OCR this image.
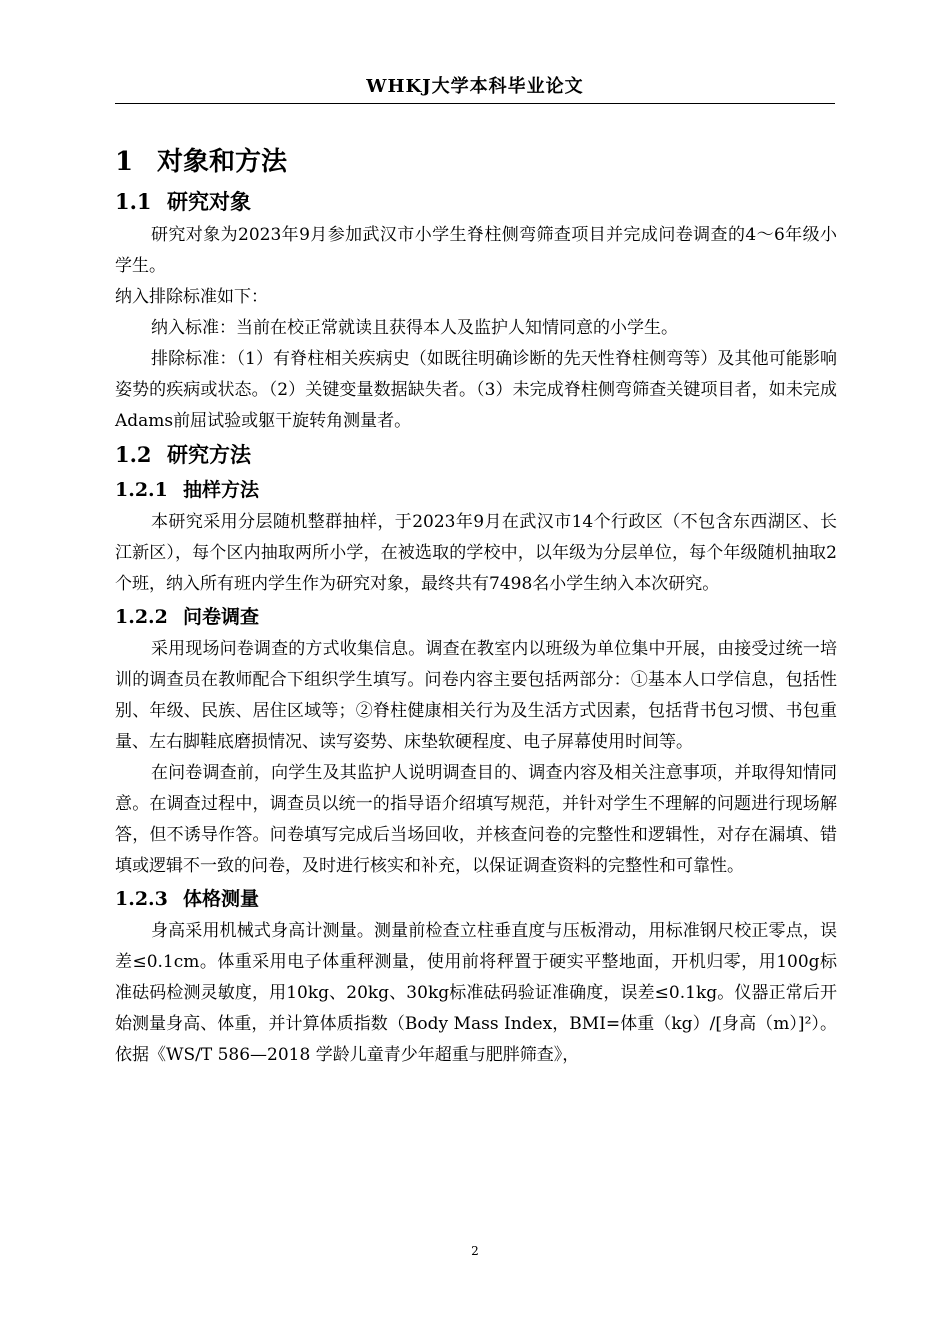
WHKJ大学本科毕业论文
1 对象和方法
1.1 研究对象

研究对象为2023年9月参加武汉市小学生脊柱侧弯筛查项目并完成问卷调查的4～6年级小学生。

纳入排除标准如下：

纳入标准：当前在校正常就读且获得本人及监护人知情同意的小学生。

排除标准：（1）有脊柱相关疾病史（如既往明确诊断的先天性脊柱侧弯等）及其他可能影响姿势的疾病或状态。（2）关键变量数据缺失者。（3）未完成脊柱侧弯筛查关键项目者，如未完成Adams前屈试验或躯干旋转角测量者。

1.2 研究方法
1.2.1 抽样方法

本研究采用分层随机整群抽样，于2023年9月在武汉市14个行政区（不包含东西湖区、长江新区），每个区内抽取两所小学，在被选取的学校中，以年级为分层单位，每个年级随机抽取2个班，纳入所有班内学生作为研究对象，最终共有7498名小学生纳入本次研究。

1.2.2 问卷调查

采用现场问卷调查的方式收集信息。调查在教室内以班级为单位集中开展，由接受过统一培训的调查员在教师配合下组织学生填写。问卷内容主要包括两部分：①基本人口学信息，包括性别、年级、民族、居住区域等；②脊柱健康相关行为及生活方式因素，包括背书包习惯、书包重量、左右脚鞋底磨损情况、读写姿势、床垫软硬程度、电子屏幕使用时间等。

在问卷调查前，向学生及其监护人说明调查目的、调查内容及相关注意事项，并取得知情同意。在调查过程中，调查员以统一的指导语介绍填写规范，并针对学生不理解的问题进行现场解答，但不诱导作答。问卷填写完成后当场回收，并核查问卷的完整性和逻辑性，对存在漏填、错填或逻辑不一致的问卷，及时进行核实和补充，以保证调查资料的完整性和可靠性。

1.2.3 体格测量

身高采用机械式身高计测量。测量前检查立柱垂直度与压板滑动，用标准钢尺校正零点，误差≤0.1cm。体重采用电子体重秤测量，使用前将秤置于硬实平整地面，开机归零，用100g标准砝码检测灵敏度，用10kg、20kg、30kg标准砝码验证准确度，误差≤0.1kg。仪器正常后开始测量身高、体重，并计算体质指数（Body Mass Index，BMI=体重（kg）/[身高（m）]²）。依据《WS/T 586—2018 学龄儿童青少年超重与肥胖筛查》，

2
